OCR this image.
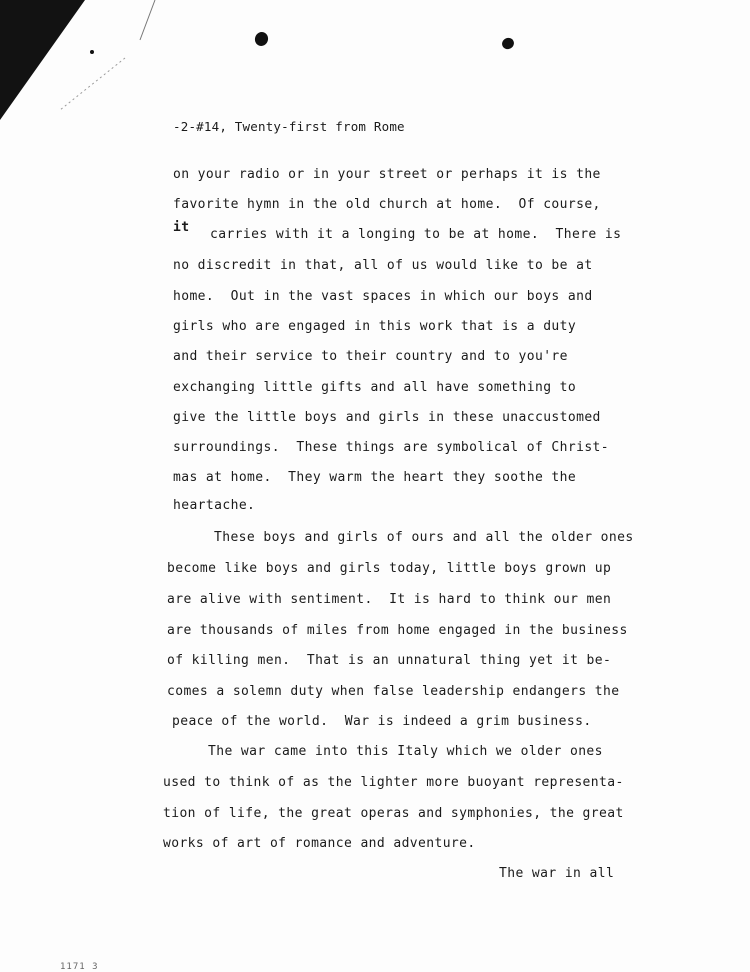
-2-#14, Twenty-first from Rome
on your radio or in your street or perhaps it is the
favorite hymn in the old church at home.  Of course,
it carries with it a longing to be at home.  There is
no discredit in that, all of us would like to be at
home.  Out in the vast spaces in which our boys and
girls who are engaged in this work that is a duty
and their service to their country and to you're
exchanging little gifts and all have something to
give the little boys and girls in these unaccustomed
surroundings.  These things are symbolical of Christ-
mas at home.  They warm the heart they soothe the
heartache.
These boys and girls of ours and all the older ones
become like boys and girls today, little boys grown up
are alive with sentiment.  It is hard to think our men
are thousands of miles from home engaged in the business
of killing men.  That is an unnatural thing yet it be-
comes a solemn duty when false leadership endangers the
peace of the world.  War is indeed a grim business.
The war came into this Italy which we older ones
used to think of as the lighter more buoyant representa-
tion of life, the great operas and symphonies, the great
works of art of romance and adventure.
The war in all
1171 3
